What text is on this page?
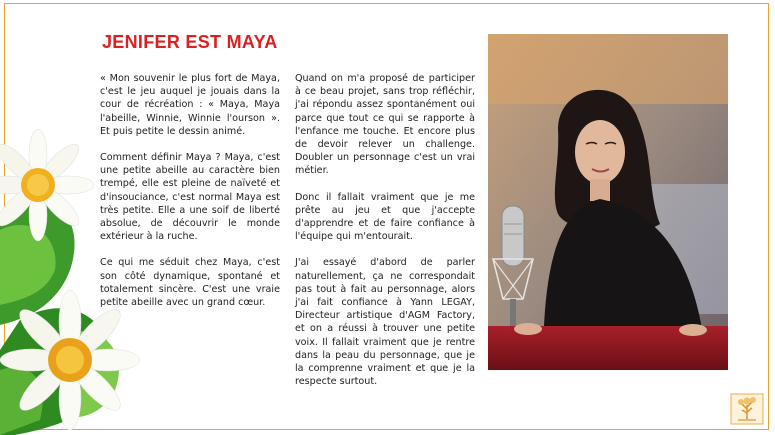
JENIFER EST MAYA

« Mon souvenir le plus fort de Maya, c'est le jeu auquel je jouais dans la cour de récréation : « Maya, Maya l'abeille, Winnie, Winnie l'ourson ». Et puis petite le dessin animé.

Comment définir Maya ? Maya, c'est une petite abeille au caractère bien trempé, elle est pleine de naïveté et d'insouciance, c'est normal Maya est très petite. Elle a une soif de liberté absolue, de découvrir le monde extérieur à la ruche.

Ce qui me séduit chez Maya, c'est son côté dynamique, spontané et totalement sincère. C'est une vraie petite abeille avec un grand cœur.

Quand on m'a proposé de participer à ce beau projet, sans trop réfléchir, j'ai répondu assez spontanément oui parce que tout ce qui se rapporte à l'enfance me touche. Et encore plus de devoir relever un challenge. Doubler un personnage c'est un vrai métier.

Donc il fallait vraiment que je me prête au jeu et que j'accepte d'apprendre et de faire confiance à l'équipe qui m'entourait.

J'ai essayé d'abord de parler naturellement, ça ne correspondait pas tout à fait au personnage, alors j'ai fait confiance à Yann LEGAY, Directeur artistique d'AGM Factory, et on a réussi à trouver une petite voix. Il fallait vraiment que je rentre dans la peau du personnage, que je la comprenne vraiment et que je la respecte surtout.
